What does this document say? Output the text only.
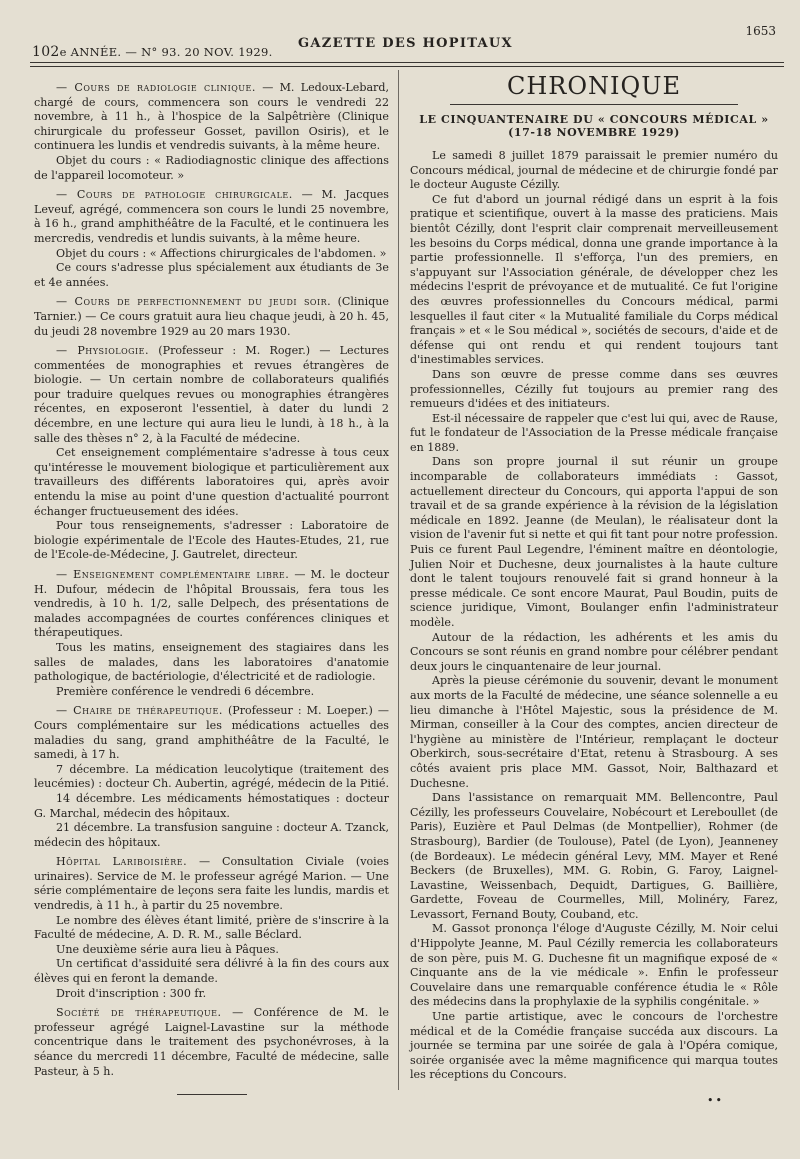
102e ANNÉE. — N° 93. 20 NOV. 1929.
GAZETTE DES HOPITAUX
1653

— Cours de radiologie clinique. — M. Ledoux-Lebard, chargé de cours, commencera son cours le vendredi 22 novembre, à 11 h., à l'hospice de la Salpêtrière (Clinique chirurgicale du professeur Gosset, pavillon Osiris), et le continuera les lundis et vendredis suivants, à la même heure.

Objet du cours : « Radiodiagnostic clinique des affections de l'appareil locomoteur. »

— Cours de pathologie chirurgicale. — M. Jacques Leveuf, agrégé, commencera son cours le lundi 25 novembre, à 16 h., grand amphithéâtre de la Faculté, et le continuera les mercredis, vendredis et lundis suivants, à la même heure.

Objet du cours : « Affections chirurgicales de l'abdomen. »

Ce cours s'adresse plus spécialement aux étudiants de 3e et 4e années.

— Cours de perfectionnement du jeudi soir. (Clinique Tarnier.) — Ce cours gratuit aura lieu chaque jeudi, à 20 h. 45, du jeudi 28 novembre 1929 au 20 mars 1930.

— Physiologie. (Professeur : M. Roger.) — Lectures commentées de monographies et revues étrangères de biologie. — Un certain nombre de collaborateurs qualifiés pour traduire quelques revues ou monographies étrangères récentes, en exposeront l'essentiel, à dater du lundi 2 décembre, en une lecture qui aura lieu le lundi, à 18 h., à la salle des thèses n° 2, à la Faculté de médecine.

Cet enseignement complémentaire s'adresse à tous ceux qu'intéresse le mouvement biologique et particulièrement aux travailleurs des différents laboratoires qui, après avoir entendu la mise au point d'une question d'actualité pourront échanger fructueusement des idées.

Pour tous renseignements, s'adresser : Laboratoire de biologie expérimentale de l'Ecole des Hautes-Etudes, 21, rue de l'Ecole-de-Médecine, J. Gautrelet, directeur.

— Enseignement complémentaire libre. — M. le docteur H. Dufour, médecin de l'hôpital Broussais, fera tous les vendredis, à 10 h. 1/2, salle Delpech, des présentations de malades accompagnées de courtes conférences cliniques et thérapeutiques.

Tous les matins, enseignement des stagiaires dans les salles de malades, dans les laboratoires d'anatomie pathologique, de bactériologie, d'électricité et de radiologie.

Première conférence le vendredi 6 décembre.

— Chaire de thérapeutique. (Professeur : M. Loeper.) — Cours complémentaire sur les médications actuelles des maladies du sang, grand amphithéâtre de la Faculté, le samedi, à 17 h.

7 décembre. La médication leucolytique (traitement des leucémies) : docteur Ch. Aubertin, agrégé, médecin de la Pitié.

14 décembre. Les médicaments hémostatiques : docteur G. Marchal, médecin des hôpitaux.

21 décembre. La transfusion sanguine : docteur A. Tzanck, médecin des hôpitaux.

Hôpital Lariboisière. — Consultation Civiale (voies urinaires). Service de M. le professeur agrégé Marion. — Une série complémentaire de leçons sera faite les lundis, mardis et vendredis, à 11 h., à partir du 25 novembre.

Le nombre des élèves étant limité, prière de s'inscrire à la Faculté de médecine, A. D. R. M., salle Béclard.

Une deuxième série aura lieu à Pâques.

Un certificat d'assiduité sera délivré à la fin des cours aux élèves qui en feront la demande.

Droit d'inscription : 300 fr.

Société de thérapeutique. — Conférence de M. le professeur agrégé Laignel-Lavastine sur la méthode concentrique dans le traitement des psychonévroses, à la séance du mercredi 11 décembre, Faculté de médecine, salle Pasteur, à 5 h.

CHRONIQUE
LE CINQUANTENAIRE DU « CONCOURS MÉDICAL »
(17-18 NOVEMBRE 1929)

Le samedi 8 juillet 1879 paraissait le premier numéro du Concours médical, journal de médecine et de chirurgie fondé par le docteur Auguste Cézilly.

Ce fut d'abord un journal rédigé dans un esprit à la fois pratique et scientifique, ouvert à la masse des praticiens. Mais bientôt Cézilly, dont l'esprit clair comprenait merveilleusement les besoins du Corps médical, donna une grande importance à la partie professionnelle. Il s'efforça, l'un des premiers, en s'appuyant sur l'Association générale, de développer chez les médecins l'esprit de prévoyance et de mutualité. Ce fut l'origine des œuvres professionnelles du Concours médical, parmi lesquelles il faut citer « la Mutualité familiale du Corps médical français » et « le Sou médical », sociétés de secours, d'aide et de défense qui ont rendu et qui rendent toujours tant d'inestimables services.

Dans son œuvre de presse comme dans ses œuvres professionnelles, Cézilly fut toujours au premier rang des remueurs d'idées et des initiateurs.

Est-il nécessaire de rappeler que c'est lui qui, avec de Rause, fut le fondateur de l'Association de la Presse médicale française en 1889.

Dans son propre journal il sut réunir un groupe incomparable de collaborateurs immédiats : Gassot, actuellement directeur du Concours, qui apporta l'appui de son travail et de sa grande expérience à la révision de la législation médicale en 1892. Jeanne (de Meulan), le réalisateur dont la vision de l'avenir fut si nette et qui fit tant pour notre profession. Puis ce furent Paul Legendre, l'éminent maître en déontologie, Julien Noir et Duchesne, deux journalistes à la haute culture dont le talent toujours renouvelé fait si grand honneur à la presse médicale. Ce sont encore Maurat, Paul Boudin, puits de science juridique, Vimont, Boulanger enfin l'administrateur modèle.

Autour de la rédaction, les adhérents et les amis du Concours se sont réunis en grand nombre pour célébrer pendant deux jours le cinquantenaire de leur journal.

Après la pieuse cérémonie du souvenir, devant le monument aux morts de la Faculté de médecine, une séance solennelle a eu lieu dimanche à l'Hôtel Majestic, sous la présidence de M. Mirman, conseiller à la Cour des comptes, ancien directeur de l'hygiène au ministère de l'Intérieur, remplaçant le docteur Oberkirch, sous-secrétaire d'Etat, retenu à Strasbourg. A ses côtés avaient pris place MM. Gassot, Noir, Balthazard et Duchesne.

Dans l'assistance on remarquait MM. Bellencontre, Paul Cézilly, les professeurs Couvelaire, Nobécourt et Lereboullet (de Paris), Euzière et Paul Delmas (de Montpellier), Rohmer (de Strasbourg), Bardier (de Toulouse), Patel (de Lyon), Jeanneney (de Bordeaux). Le médecin général Levy, MM. Mayer et René Beckers (de Bruxelles), MM. G. Robin, G. Faroy, Laignel-Lavastine, Weissenbach, Dequidt, Dartigues, G. Baillière, Gardette, Foveau de Courmelles, Mill, Molinéry, Farez, Levassort, Fernand Bouty, Couband, etc.

M. Gassot prononça l'éloge d'Auguste Cézilly, M. Noir celui d'Hippolyte Jeanne, M. Paul Cézilly remercia les collaborateurs de son père, puis M. G. Duchesne fit un magnifique exposé de « Cinquante ans de la vie médicale ». Enfin le professeur Couvelaire dans une remarquable conférence étudia le « Rôle des médecins dans la prophylaxie de la syphilis congénitale. »

Une partie artistique, avec le concours de l'orchestre médical et de la Comédie française succéda aux discours. La journée se termina par une soirée de gala à l'Opéra comique, soirée organisée avec la même magnificence qui marqua toutes les réceptions du Concours.

••
